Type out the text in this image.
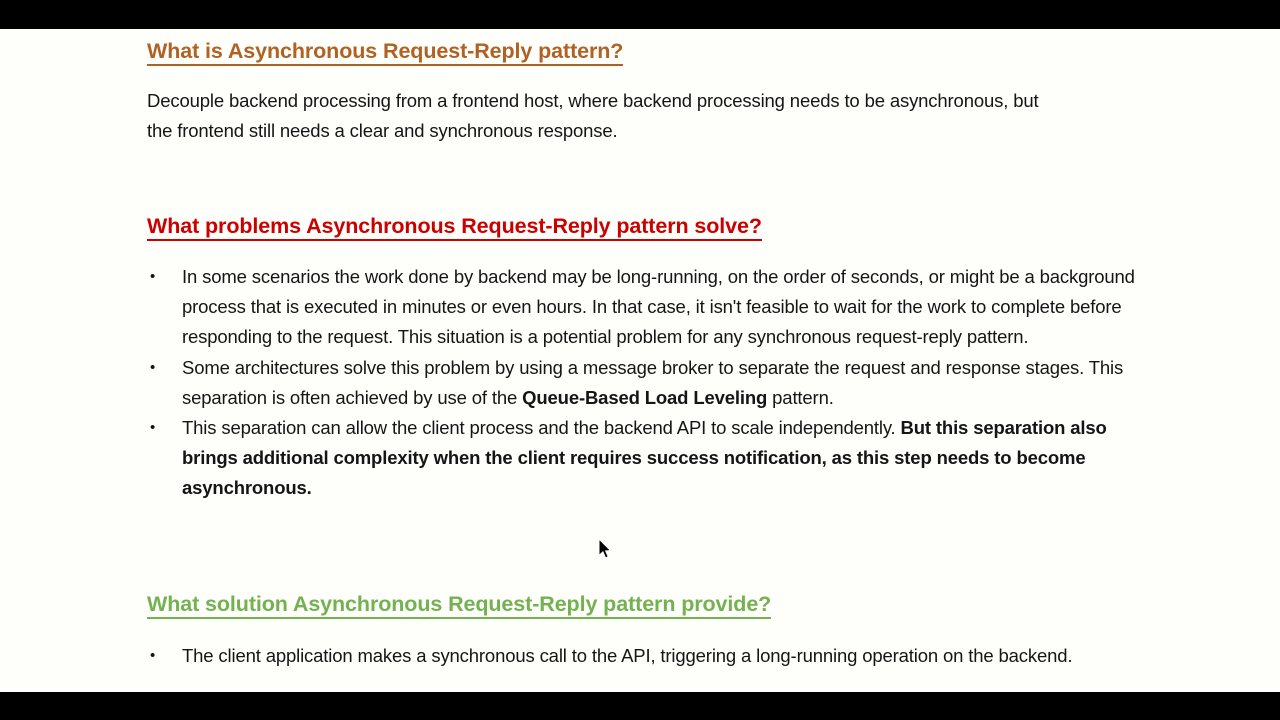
What is Asynchronous Request-Reply pattern?

Decouple backend processing from a frontend host, where backend processing needs to be asynchronous, but the frontend still needs a clear and synchronous response.

What problems Asynchronous Request-Reply pattern solve?
• In some scenarios the work done by backend may be long-running, on the order of seconds, or might be a background process that is executed in minutes or even hours. In that case, it isn't feasible to wait for the work to complete before responding to the request. This situation is a potential problem for any synchronous request-reply pattern.
• Some architectures solve this problem by using a message broker to separate the request and response stages. This separation is often achieved by use of the Queue-Based Load Leveling pattern.
• This separation can allow the client process and the backend API to scale independently. But this separation also brings additional complexity when the client requires success notification, as this step needs to become asynchronous.
What solution Asynchronous Request-Reply pattern provide?
• The client application makes a synchronous call to the API, triggering a long-running operation on the backend.
